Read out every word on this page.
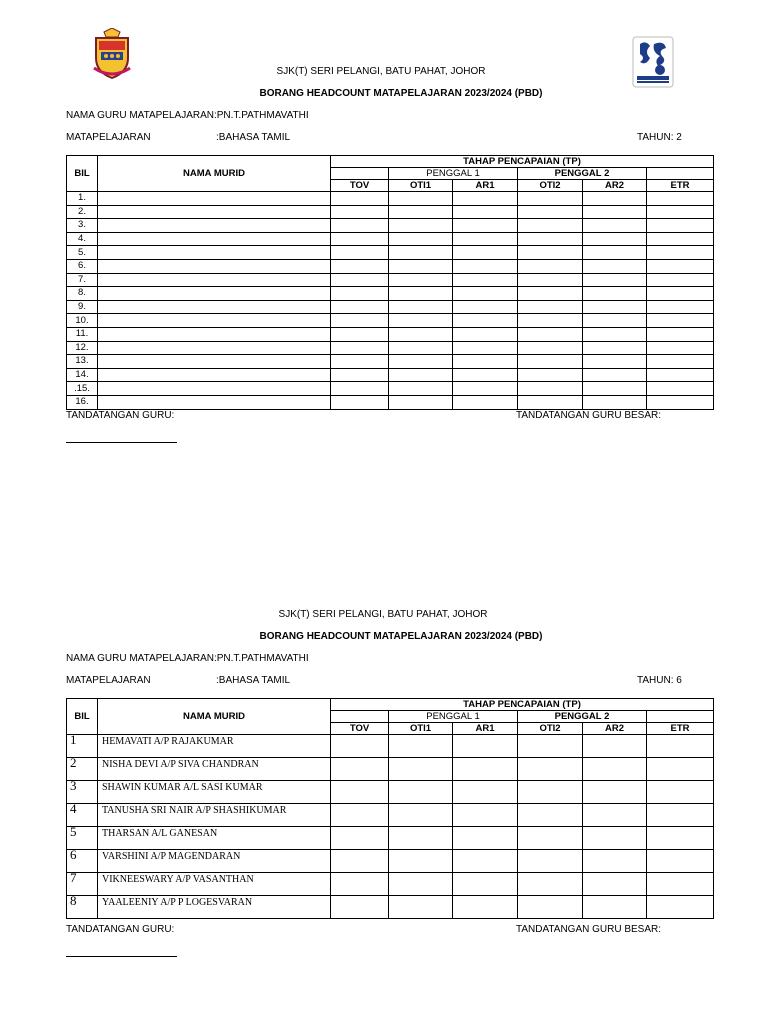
SJK(T) SERI PELANGI, BATU PAHAT, JOHOR
BORANG HEADCOUNT MATAPELAJARAN 2023/2024 (PBD)
NAMA GURU MATAPELAJARAN:PN.T.PATHMAVATHI
MATAPELAJARAN	:BAHASA TAMIL	TAHUN: 2
BIL	NAMA MURID	TAHAP PENCAPAIAN (TP)					
			PENGGAL 1		PENGGAL 2		
		TOV	OTI1	AR1	OTI2	AR2	ETR
1.							
2.							
3.							
4.							
5.							
6.							
7.							
8.							
9.							
10.							
11.							
12.							
13.							
14.							
.15.							
16.							
TANDATANGAN GURU:	TANDATANGAN GURU BESAR:
SJK(T) SERI PELANGI, BATU PAHAT, JOHOR
BORANG HEADCOUNT MATAPELAJARAN 2023/2024 (PBD)
NAMA GURU MATAPELAJARAN:PN.T.PATHMAVATHI
MATAPELAJARAN	:BAHASA TAMIL	TAHUN: 6
BIL	NAMA MURID	TAHAP PENCAPAIAN (TP)					
			PENGGAL 1		PENGGAL 2		
		TOV	OTI1	AR1	OTI2	AR2	ETR
1	HEMAVATI A/P RAJAKUMAR						
2	NISHA DEVI A/P SIVA CHANDRAN						
3	SHAWIN KUMAR A/L SASI KUMAR						
4	TANUSHA SRI NAIR A/P SHASHIKUMAR						
5	THARSAN A/L GANESAN						
6	VARSHINI A/P MAGENDARAN						
7	VIKNEESWARY A/P VASANTHAN						
8	YAALEENIY A/P P LOGESVARAN						
TANDATANGAN GURU:	TANDATANGAN GURU BESAR:
